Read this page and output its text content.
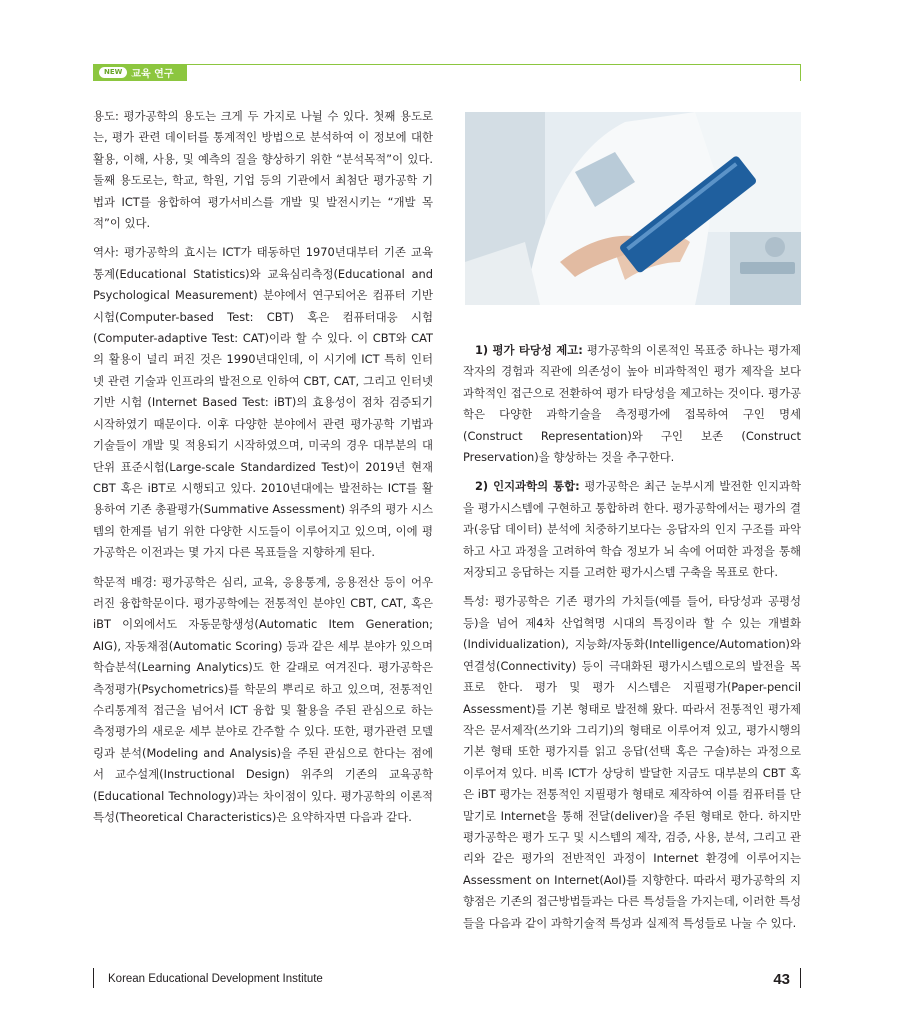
NEW 교육 연구

용도: 평가공학의 용도는 크게 두 가지로 나뉠 수 있다. 첫째 용도로는, 평가 관련 데이터를 통계적인 방법으로 분석하여 이 정보에 대한 활용, 이해, 사용, 및 예측의 질을 향상하기 위한 “분석목적”이 있다. 둘째 용도로는, 학교, 학원, 기업 등의 기관에서 최첨단 평가공학 기법과 ICT를 융합하여 평가서비스를 개발 및 발전시키는 “개발 목적”이 있다.

역사: 평가공학의 효시는 ICT가 태동하던 1970년대부터 기존 교육통계(Educational Statistics)와 교육심리측정(Educational and Psychological Measurement) 분야에서 연구되어온 컴퓨터 기반 시험(Computer-based Test: CBT) 혹은 컴퓨터대응 시험(Computer-adaptive Test: CAT)이라 할 수 있다. 이 CBT와 CAT의 활용이 널리 퍼진 것은 1990년대인데, 이 시기에 ICT 특히 인터넷 관련 기술과 인프라의 발전으로 인하여 CBT, CAT, 그리고 인터넷기반 시험 (Internet Based Test: iBT)의 효용성이 점차 검증되기 시작하였기 때문이다. 이후 다양한 분야에서 관련 평가공학 기법과 기술들이 개발 및 적용되기 시작하였으며, 미국의 경우 대부분의 대단위 표준시험(Large-scale Standardized Test)이 2019년 현재 CBT 혹은 iBT로 시행되고 있다. 2010년대에는 발전하는 ICT를 활용하여 기존 총괄평가(Summative Assessment) 위주의 평가 시스템의 한계를 넘기 위한 다양한 시도들이 이루어지고 있으며, 이에 평가공학은 이전과는 몇 가지 다른 목표들을 지향하게 된다.

학문적 배경: 평가공학은 심리, 교육, 응용통계, 응용전산 등이 어우러진 융합학문이다. 평가공학에는 전통적인 분야인 CBT, CAT, 혹은 iBT 이외에서도 자동문항생성(Automatic Item Generation; AIG), 자동채점(Automatic Scoring) 등과 같은 세부 분야가 있으며 학습분석(Learning Analytics)도 한 갈래로 여겨진다. 평가공학은 측정평가(Psychometrics)를 학문의 뿌리로 하고 있으며, 전통적인 수리통계적 접근을 넘어서 ICT 융합 및 활용을 주된 관심으로 하는 측정평가의 새로운 세부 분야로 간주할 수 있다. 또한, 평가관련 모델링과 분석(Modeling and Analysis)을 주된 관심으로 한다는 점에서 교수설계(Instructional Design) 위주의 기존의 교육공학(Educational Technology)과는 차이점이 있다. 평가공학의 이론적 특성(Theoretical Characteristics)은 요약하자면 다음과 같다.

1) 평가 타당성 제고: 평가공학의 이론적인 목표중 하나는 평가제작자의 경험과 직관에 의존성이 높아 비과학적인 평가 제작을 보다 과학적인 접근으로 전환하여 평가 타당성을 제고하는 것이다. 평가공학은 다양한 과학기술을 측정평가에 접목하여 구인 명세 (Construct Representation)와 구인 보존 (Construct Preservation)을 향상하는 것을 추구한다.

2) 인지과학의 통합: 평가공학은 최근 눈부시게 발전한 인지과학을 평가시스템에 구현하고 통합하려 한다. 평가공학에서는 평가의 결과(응답 데이터) 분석에 치중하기보다는 응답자의 인지 구조를 파악하고 사고 과정을 고려하여 학습 정보가 뇌 속에 어떠한 과정을 통해 저장되고 응답하는 지를 고려한 평가시스템 구축을 목표로 한다.

특성: 평가공학은 기존 평가의 가치들(예를 들어, 타당성과 공평성 등)을 넘어 제4차 산업혁명 시대의 특징이라 할 수 있는 개별화(Individualization), 지능화/자동화(Intelligence/Automation)와 연결성(Connectivity) 등이 극대화된 평가시스템으로의 발전을 목표로 한다. 평가 및 평가 시스템은 지필평가(Paper-pencil Assessment)를 기본 형태로 발전해 왔다. 따라서 전통적인 평가제작은 문서제작(쓰기와 그리기)의 형태로 이루어져 있고, 평가시행의 기본 형태 또한 평가지를 읽고 응답(선택 혹은 구술)하는 과정으로 이루어져 있다. 비록 ICT가 상당히 발달한 지금도 대부분의 CBT 혹은 iBT 평가는 전통적인 지필평가 형태로 제작하여 이를 컴퓨터를 단말기로 Internet을 통해 전달(deliver)을 주된 형태로 한다. 하지만 평가공학은 평가 도구 및 시스템의 제작, 검증, 사용, 분석, 그리고 관리와 같은 평가의 전반적인 과정이 Internet 환경에 이루어지는 Assessment on Internet(AoI)를 지향한다. 따라서 평가공학의 지향점은 기존의 접근방법들과는 다른 특성들을 가지는데, 이러한 특성들을 다음과 같이 과학기술적 특성과 실제적 특성들로 나눌 수 있다.

Korean Educational Development Institute	43
